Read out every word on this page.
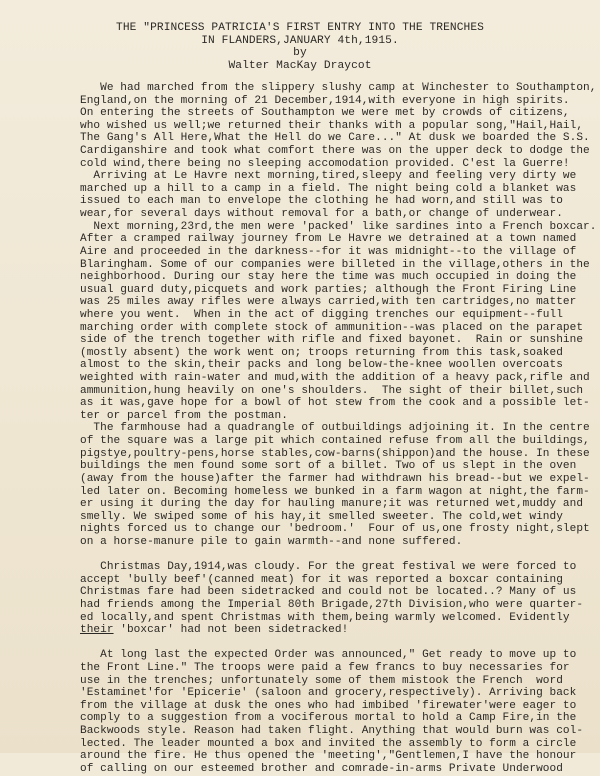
THE "PRINCESS PATRICIA'S FIRST ENTRY INTO THE TRENCHES
IN FLANDERS,JANUARY 4th,1915.
by
Walter MacKay Draycot
We had marched from the slippery slushy camp at Winchester to Southampton,
England,on the morning of 21 December,1914,with everyone in high spirits.
On entering the streets of Southampton we were met by crowds of citizens,
who wished us well;we returned their thanks with a popular song,"Hail,Hail,
The Gang's All Here,What the Hell do we Care..." At dusk we boarded the S.S.
Cardiganshire and took what comfort there was on the upper deck to dodge the
cold wind,there being no sleeping accomodation provided. C'est la Guerre!
Arriving at Le Havre next morning,tired,sleepy and feeling very dirty we
marched up a hill to a camp in a field. The night being cold a blanket was
issued to each man to envelope the clothing he had worn,and still was to
wear,for several days without removal for a bath,or change of underwear.
Next morning,23rd,the men were 'packed' like sardines into a French boxcar.
After a cramped railway journey from Le Havre we detrained at a town named
Aire and proceeded in the darkness--for it was midnight--to the village of
Blaringham. Some of our companies were billeted in the village,others in the
neighborhood. During our stay here the time was much occupied in doing the
usual guard duty,picquets and work parties; although the Front Firing Line
was 25 miles away rifles were always carried,with ten cartridges,no matter
where you went.  When in the act of digging trenches our equipment--full
marching order with complete stock of ammunition--was placed on the parapet
side of the trench together with rifle and fixed bayonet.  Rain or sunshine
(mostly absent) the work went on; troops returning from this task,soaked
almost to the skin,their packs and long below-the-knee woollen overcoats
weighted with rain-water and mud,with the addition of a heavy pack,rifle and
ammunition,hung heavily on one's shoulders.  The sight of their billet,such
as it was,gave hope for a bowl of hot stew from the cook and a possible let-
ter or parcel from the postman.
The farmhouse had a quadrangle of outbuildings adjoining it. In the centre
of the square was a large pit which contained refuse from all the buildings,
pigstye,poultry-pens,horse stables,cow-barns(shippon)and the house. In these
buildings the men found some sort of a billet. Two of us slept in the oven
(away from the house)after the farmer had withdrawn his bread--but we expel-
led later on. Becoming homeless we bunked in a farm wagon at night,the farm-
er using it during the day for hauling manure;it was returned wet,muddy and
smelly. We swiped some of his hay,it smelled sweeter. The cold,wet windy
nights forced us to change our 'bedroom.'  Four of us,one frosty night,slept
on a horse-manure pile to gain warmth--and none suffered.
Christmas Day,1914,was cloudy. For the great festival we were forced to
accept 'bully beef'(canned meat) for it was reported a boxcar containing
Christmas fare had been sidetracked and could not be located..? Many of us
had friends among the Imperial 80th Brigade,27th Division,who were quarter-
ed locally,and spent Christmas with them,being warmly welcomed. Evidently
their 'boxcar' had not been sidetracked!
At long last the expected Order was announced," Get ready to move up to
the Front Line." The troops were paid a few francs to buy necessaries for
use in the trenches; unfortunately some of them mistook the French  word
'Estaminet'for 'Epicerie' (saloon and grocery,respectively). Arriving back
from the village at dusk the ones who had imbibed 'firewater'were eager to
comply to a suggestion from a vociferous mortal to hold a Camp Fire,in the
Backwoods style. Reason had taken flight. Anything that would burn was col-
lected. The leader mounted a box and invited the assembly to form a circle
around the fire. He thus opened the 'meeting',"Gentlemen,I have the honour
of calling on our esteemed brother and comrade-in-arms Private Underwood
